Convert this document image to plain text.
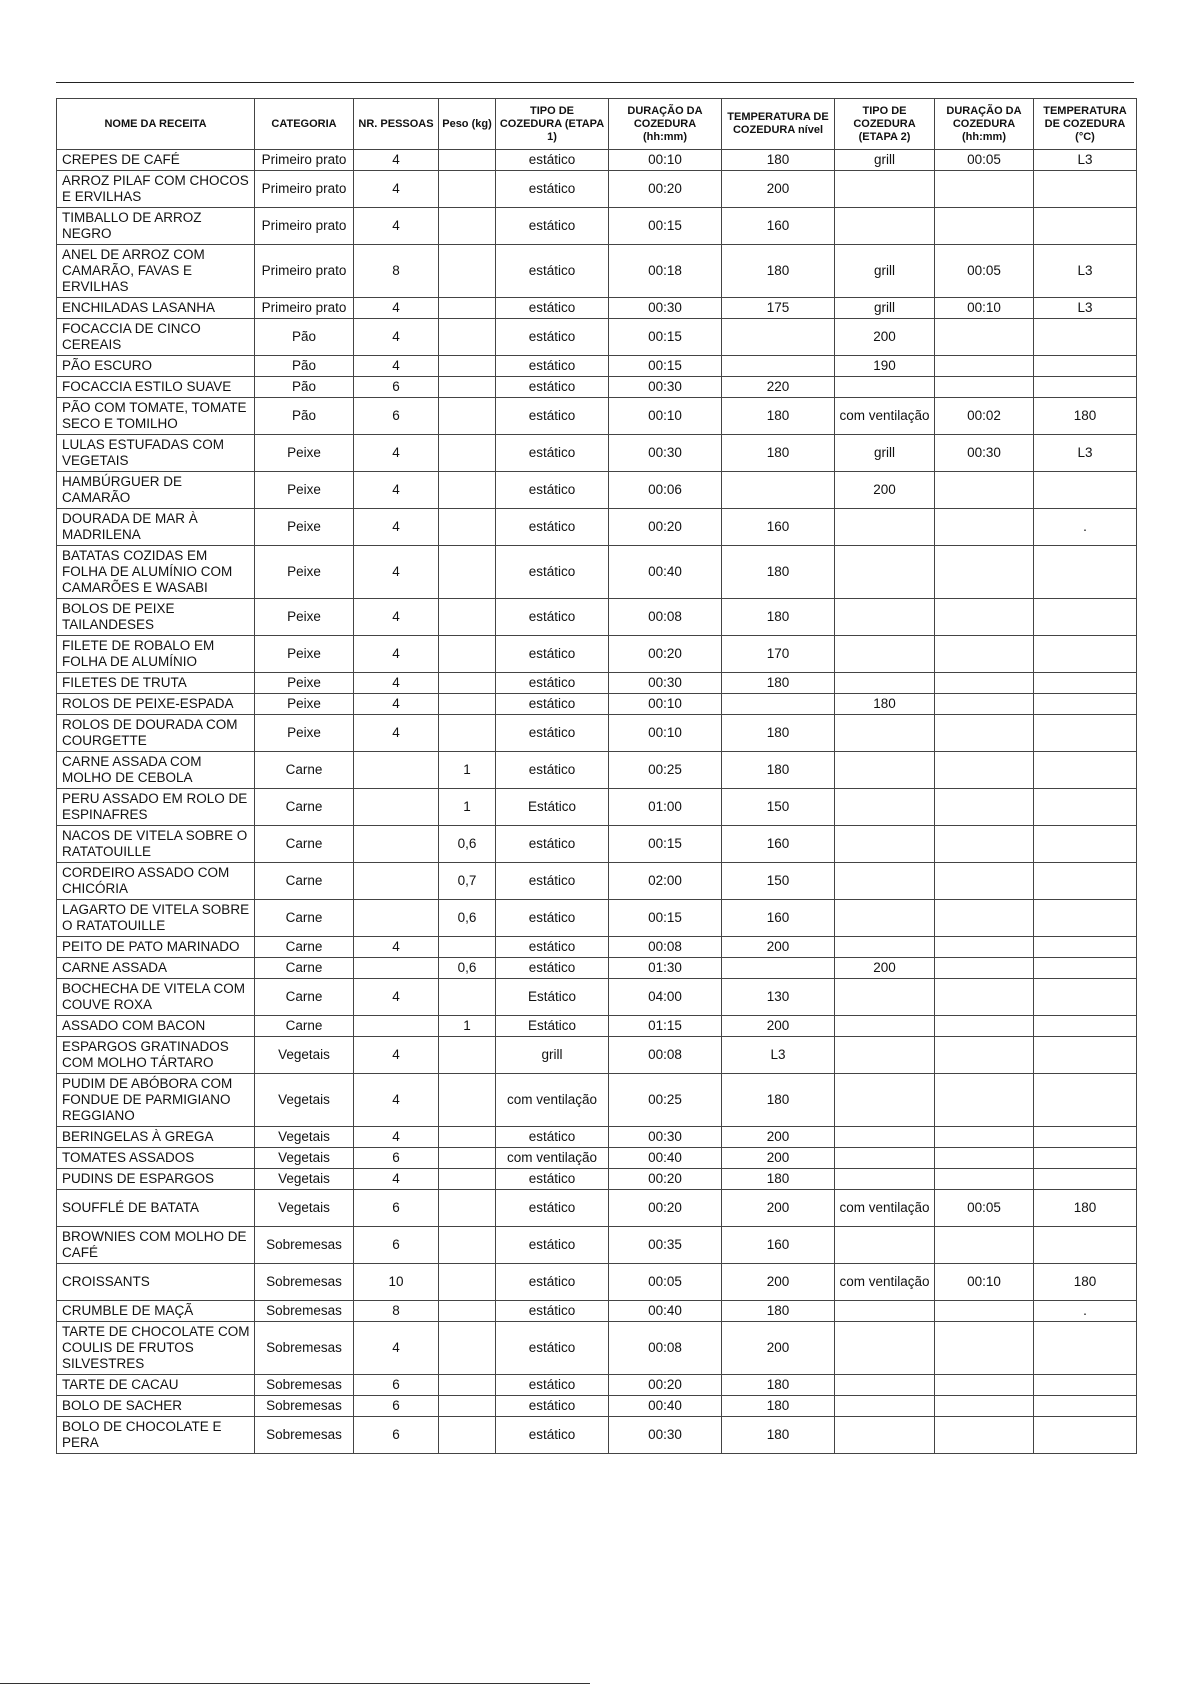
NOME DA RECEITA	CATEGORIA	NR. PESSOAS	Peso (kg)	TIPO DE COZEDURA (ETAPA 1)	DURAÇÃO DA COZEDURA (hh:mm)	TEMPERATURA DE COZEDURA nível	TIPO DE COZEDURA (ETAPA 2)	DURAÇÃO DA COZEDURA (hh:mm)	TEMPERATURA DE COZEDURA (°C)
CREPES DE CAFÉ	Primeiro prato	4		estático	00:10	180	grill	00:05	L3
ARROZ PILAF COM CHOCOS E ERVILHAS	Primeiro prato	4		estático	00:20	200			
TIMBALLO DE ARROZ NEGRO	Primeiro prato	4		estático	00:15	160			
ANEL DE ARROZ COM CAMARÃO, FAVAS E ERVILHAS	Primeiro prato	8		estático	00:18	180	grill	00:05	L3
ENCHILADAS LASANHA	Primeiro prato	4		estático	00:30	175	grill	00:10	L3
FOCACCIA DE CINCO CEREAIS	Pão	4		estático	00:15		200		
PÃO ESCURO	Pão	4		estático	00:15		190		
FOCACCIA ESTILO SUAVE	Pão	6		estático	00:30	220			
PÃO COM TOMATE, TOMATE SECO E TOMILHO	Pão	6		estático	00:10	180	com ventilação	00:02	180
LULAS ESTUFADAS COM VEGETAIS	Peixe	4		estático	00:30	180	grill	00:30	L3
HAMBÚRGUER DE CAMARÃO	Peixe	4		estático	00:06		200		
DOURADA DE MAR À MADRILENA	Peixe	4		estático	00:20	160			.
BATATAS COZIDAS EM FOLHA DE ALUMÍNIO COM CAMARÕES E WASABI	Peixe	4		estático	00:40	180			
BOLOS DE PEIXE TAILANDESES	Peixe	4		estático	00:08	180			
FILETE DE ROBALO EM FOLHA DE ALUMÍNIO	Peixe	4		estático	00:20	170			
FILETES DE TRUTA	Peixe	4		estático	00:30	180			
ROLOS DE PEIXE-ESPADA	Peixe	4		estático	00:10		180		
ROLOS DE DOURADA COM COURGETTE	Peixe	4		estático	00:10	180			
CARNE ASSADA COM MOLHO DE CEBOLA	Carne		1	estático	00:25	180			
PERU ASSADO EM ROLO DE ESPINAFRES	Carne		1	Estático	01:00	150			
NACOS DE VITELA SOBRE O RATATOUILLE	Carne		0,6	estático	00:15	160			
CORDEIRO ASSADO COM CHICÓRIA	Carne		0,7	estático	02:00	150			
LAGARTO DE VITELA SOBRE O RATATOUILLE	Carne		0,6	estático	00:15	160			
PEITO DE PATO MARINADO	Carne	4		estático	00:08	200			
CARNE ASSADA	Carne		0,6	estático	01:30		200		
BOCHECHA DE VITELA COM COUVE ROXA	Carne	4		Estático	04:00	130			
ASSADO COM BACON	Carne		1	Estático	01:15	200			
ESPARGOS GRATINADOS COM MOLHO TÁRTARO	Vegetais	4		grill	00:08	L3			
PUDIM DE ABÓBORA COM FONDUE DE PARMIGIANO REGGIANO	Vegetais	4		com ventilação	00:25	180			
BERINGELAS À GREGA	Vegetais	4		estático	00:30	200			
TOMATES ASSADOS	Vegetais	6		com ventilação	00:40	200			
PUDINS DE ESPARGOS	Vegetais	4		estático	00:20	180			
SOUFFLÉ DE BATATA	Vegetais	6		estático	00:20	200	com ventilação	00:05	180
BROWNIES COM MOLHO DE CAFÉ	Sobremesas	6		estático	00:35	160			
CROISSANTS	Sobremesas	10		estático	00:05	200	com ventilação	00:10	180
CRUMBLE DE MAÇÃ	Sobremesas	8		estático	00:40	180			.
TARTE DE CHOCOLATE COM COULIS DE FRUTOS SILVESTRES	Sobremesas	4		estático	00:08	200			
TARTE DE CACAU	Sobremesas	6		estático	00:20	180			
BOLO DE SACHER	Sobremesas	6		estático	00:40	180			
BOLO DE CHOCOLATE E PERA	Sobremesas	6		estático	00:30	180			
